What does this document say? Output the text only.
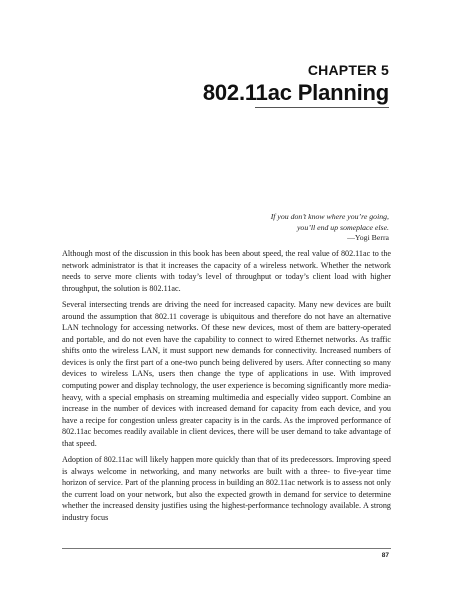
CHAPTER 5
802.11ac Planning
If you don’t know where you’re going,
you’ll end up someplace else.
—Yogi Berra

Although most of the discussion in this book has been about speed, the real value of 802.11ac to the network administrator is that it increases the capacity of a wireless network. Whether the network needs to serve more clients with today’s level of throughput or today’s client load with higher throughput, the solution is 802.11ac.

Several intersecting trends are driving the need for increased capacity. Many new devices are built around the assumption that 802.11 coverage is ubiquitous and therefore do not have an alternative LAN technology for accessing networks. Of these new devices, most of them are battery-operated and portable, and do not even have the capability to connect to wired Ethernet networks. As traffic shifts onto the wireless LAN, it must support new demands for connectivity. Increased numbers of devices is only the first part of a one-two punch being delivered by users. After connecting so many devices to wireless LANs, users then change the type of applications in use. With improved computing power and display technology, the user experience is becoming significantly more media-heavy, with a special emphasis on streaming multimedia and especially video support. Combine an increase in the number of devices with increased demand for capacity from each device, and you have a recipe for congestion unless greater capacity is in the cards. As the improved performance of 802.11ac becomes readily available in client devices, there will be user demand to take advantage of that speed.

Adoption of 802.11ac will likely happen more quickly than that of its predecessors. Improving speed is always welcome in networking, and many networks are built with a three- to five-year time horizon of service. Part of the planning process in building an 802.11ac network is to assess not only the current load on your network, but also the expected growth in demand for service to determine whether the increased density justifies using the highest-performance technology available. A strong industry focus

87
